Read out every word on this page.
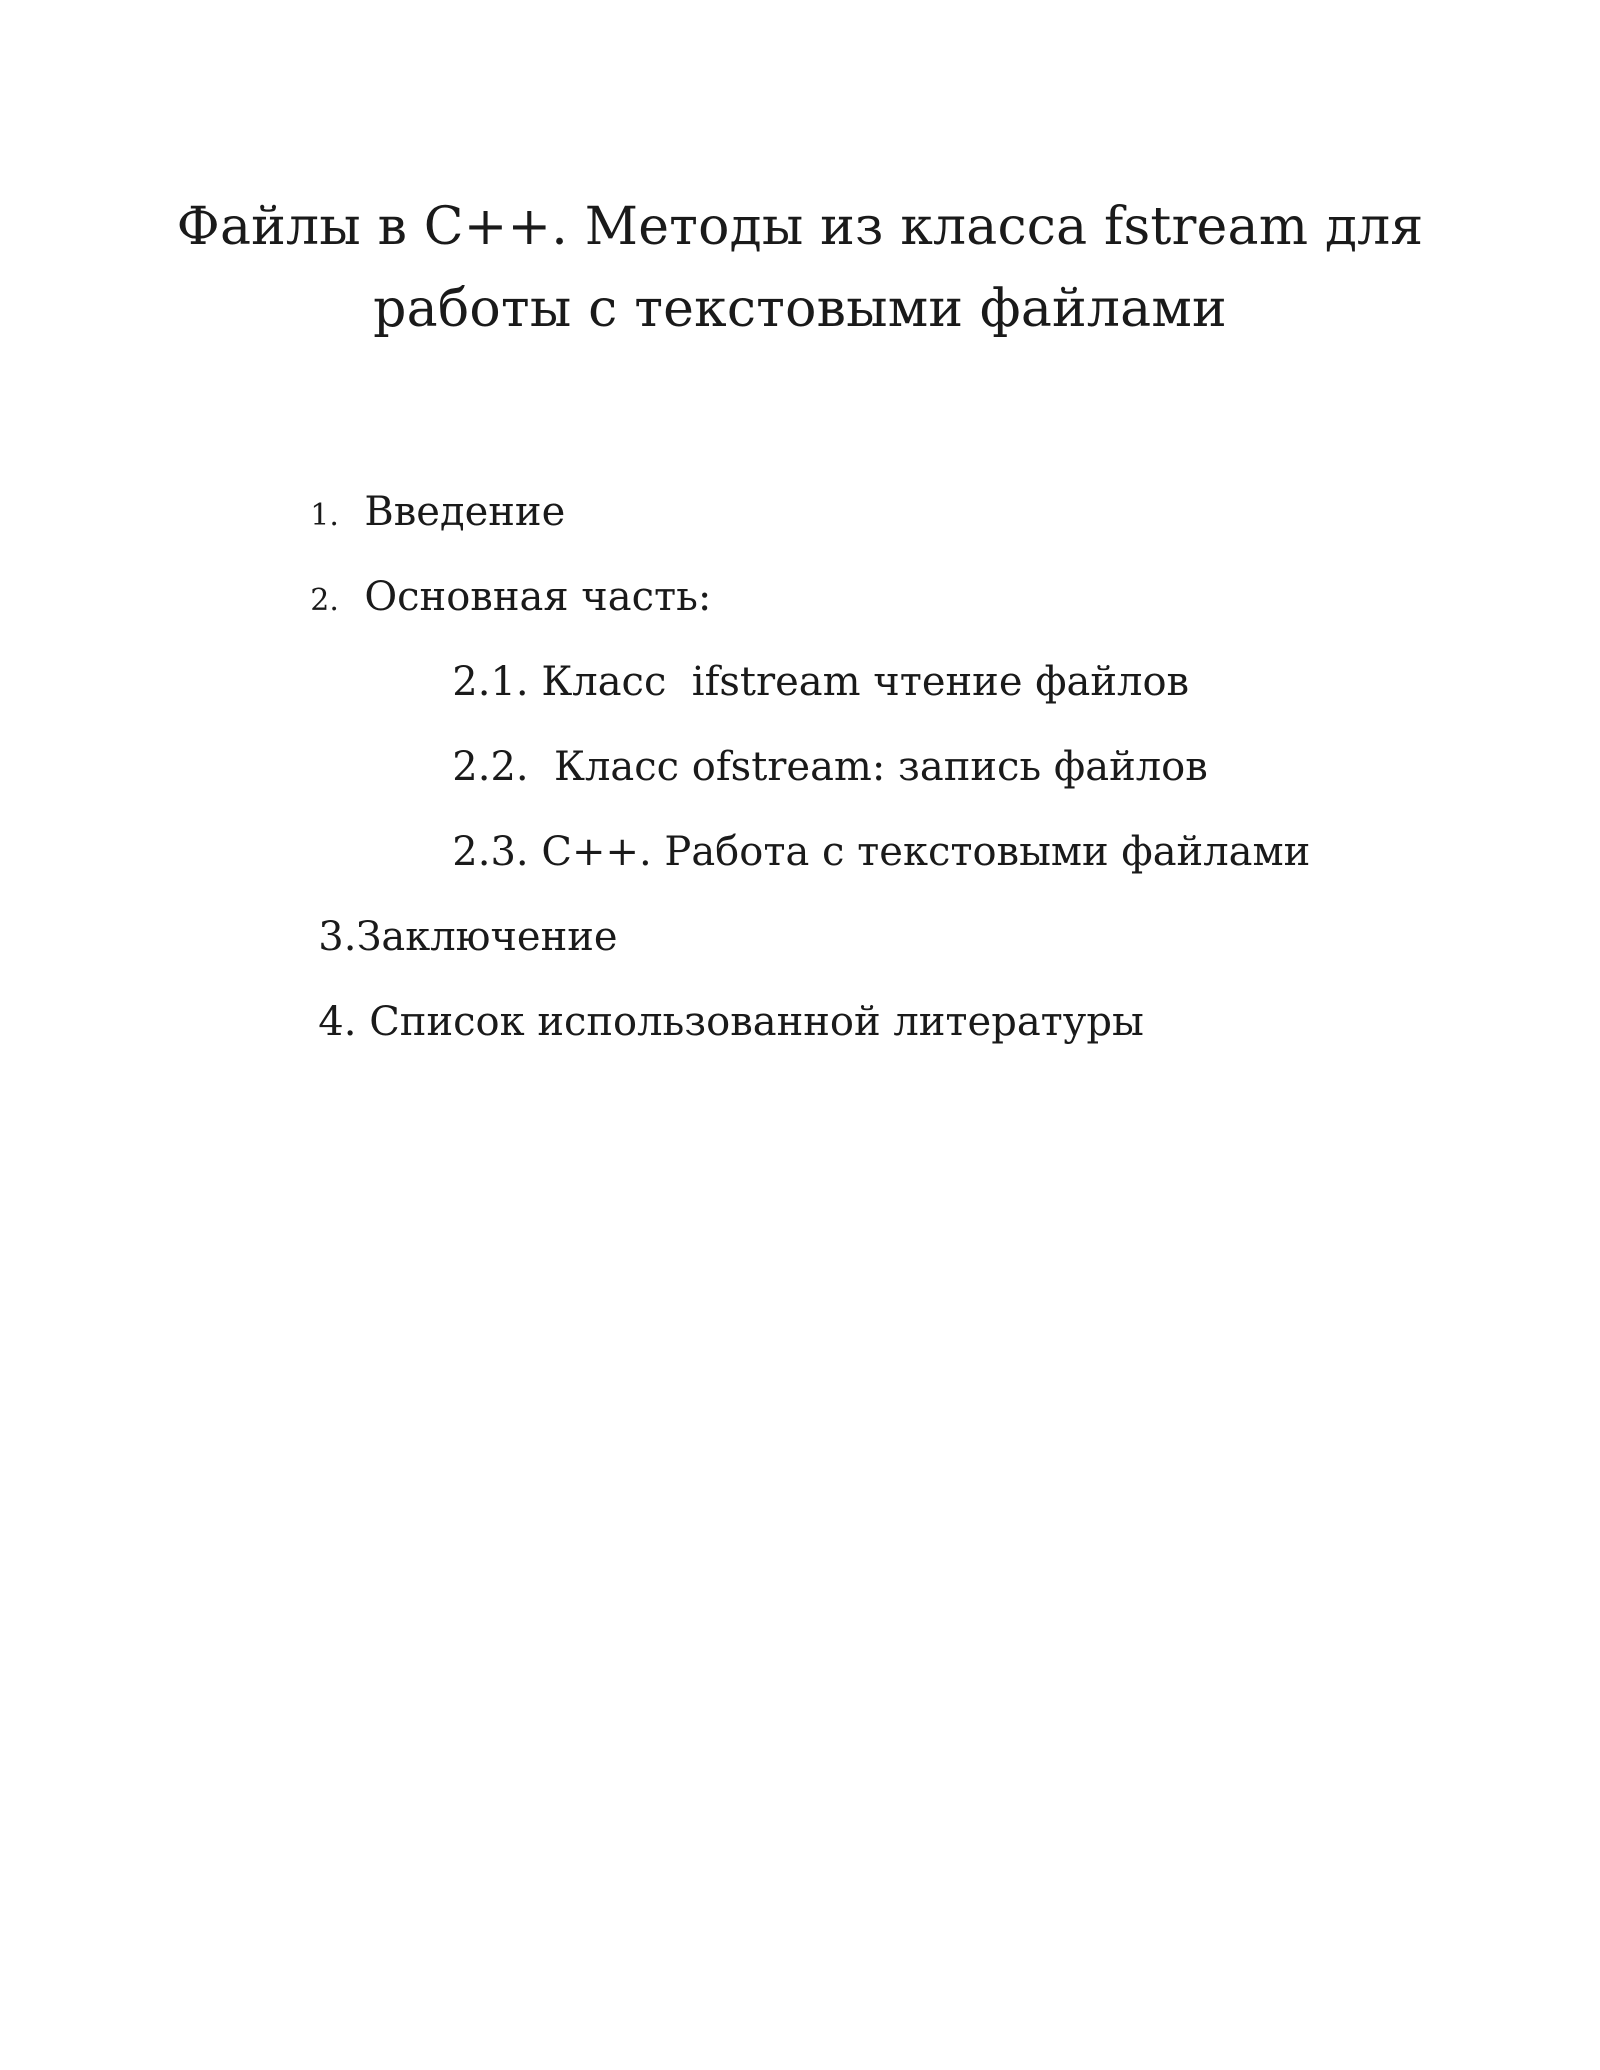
Файлы в С++. Методы из класса fstream для
работы с текстовыми файлами

1. Введение

2. Основная часть:

2.1. Класс  ifstream чтение файлов

2.2.  Класс ofstream: запись файлов

2.3. С++. Работа с текстовыми файлами

3.Заключение

4. Список использованной литературы
